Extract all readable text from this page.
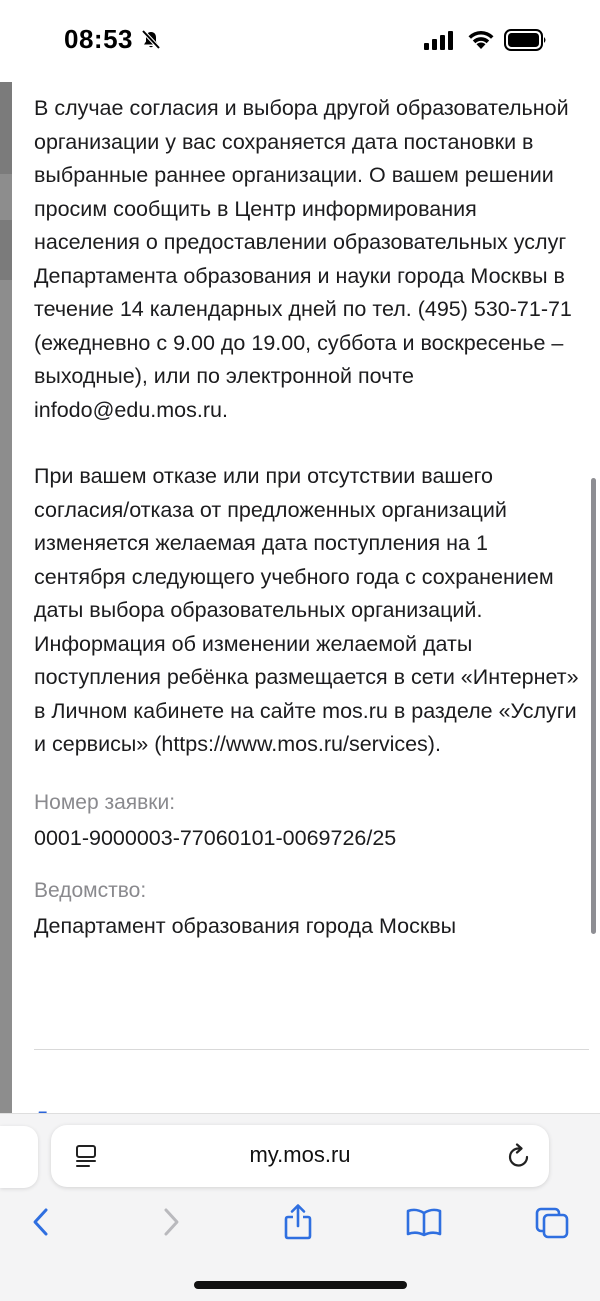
08:53

В случае согласия и выбора другой образовательной организации у вас сохраняется дата постановки в выбранные раннее организации. О вашем решении просим сообщить в Центр информирования населения о предоставлении образовательных услуг Департамента образования и науки города Москвы в течение 14 календарных дней по тел. (495) 530-71-71 (ежедневно с 9.00 до 19.00, суббота и воскресенье – выходные), или по электронной почте infodo@edu.mos.ru.

При вашем отказе или при отсутствии вашего согласия/отказа от предложенных организаций изменяется желаемая дата поступления на 1 сентября следующего учебного года с сохранением даты выбора образовательных организаций. Информация об изменении желаемой даты поступления ребёнка размещается в сети «Интернет» в Личном кабинете на сайте mos.ru в разделе «Услуги и сервисы» (https://www.mos.ru/services).

Номер заявки:
0001-9000003-77060101-0069726/25
Ведомство:
Департамент образования города Москвы
my.mos.ru
